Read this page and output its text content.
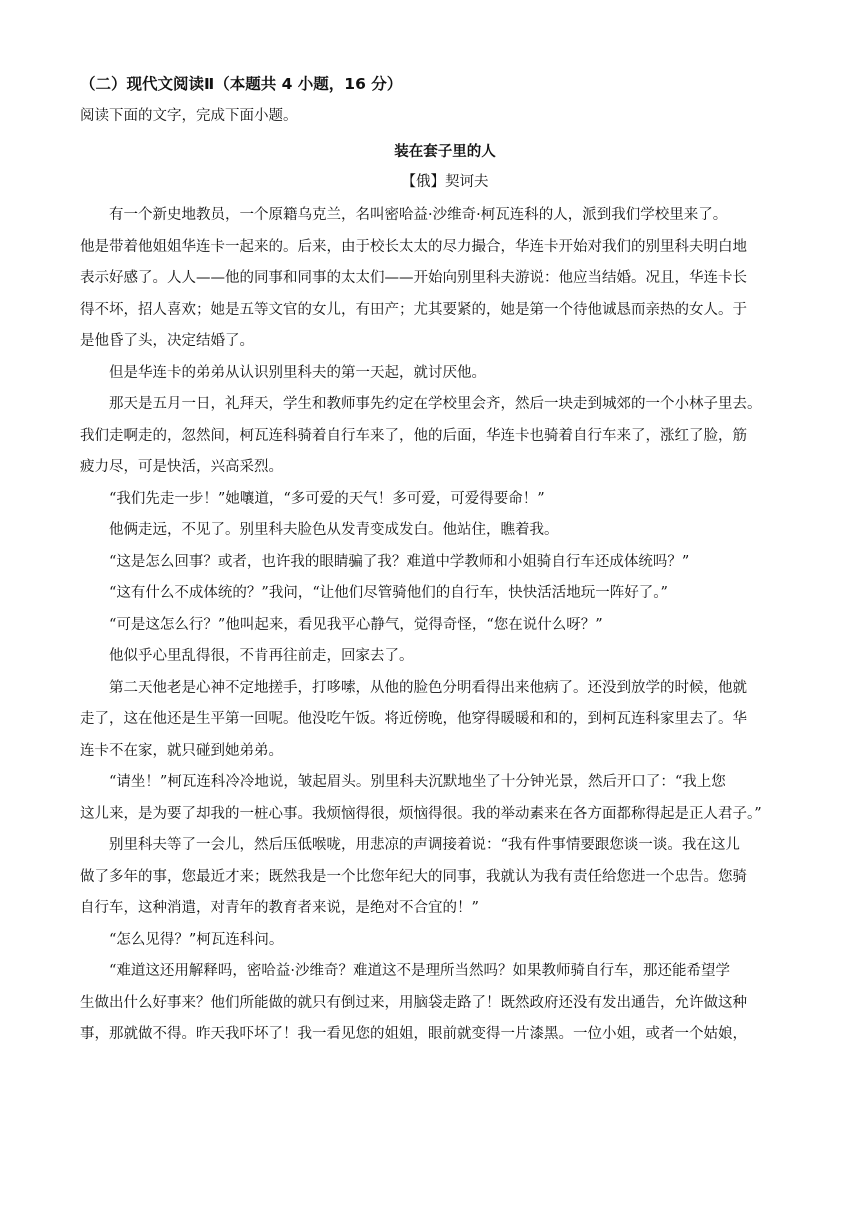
（二）现代文阅读Ⅱ（本题共 4 小题，16 分）
阅读下面的文字，完成下面小题。
装在套子里的人
【俄】契诃夫
有一个新史地教员，一个原籍乌克兰，名叫密哈益·沙维奇·柯瓦连科的人，派到我们学校里来了。
他是带着他姐姐华连卡一起来的。后来，由于校长太太的尽力撮合，华连卡开始对我们的别里科夫明白地
表示好感了。人人——他的同事和同事的太太们——开始向别里科夫游说：他应当结婚。况且，华连卡长
得不坏，招人喜欢；她是五等文官的女儿，有田产；尤其要紧的，她是第一个待他诚恳而亲热的女人。于
是他昏了头，决定结婚了。
但是华连卡的弟弟从认识别里科夫的第一天起，就讨厌他。
那天是五月一日，礼拜天，学生和教师事先约定在学校里会齐，然后一块走到城郊的一个小林子里去。
我们走啊走的，忽然间，柯瓦连科骑着自行车来了，他的后面，华连卡也骑着自行车来了，涨红了脸，筋
疲力尽，可是快活，兴高采烈。
“我们先走一步！”她嚷道，“多可爱的天气！多可爱，可爱得要命！”
他俩走远，不见了。别里科夫脸色从发青变成发白。他站住，瞧着我。
“这是怎么回事？或者，也许我的眼睛骗了我？难道中学教师和小姐骑自行车还成体统吗？”
“这有什么不成体统的？”我问，“让他们尽管骑他们的自行车，快快活活地玩一阵好了。”
“可是这怎么行？”他叫起来，看见我平心静气，觉得奇怪，“您在说什么呀？”
他似乎心里乱得很，不肯再往前走，回家去了。
第二天他老是心神不定地搓手，打哆嗦，从他的脸色分明看得出来他病了。还没到放学的时候，他就
走了，这在他还是生平第一回呢。他没吃午饭。将近傍晚，他穿得暖暖和和的，到柯瓦连科家里去了。华
连卡不在家，就只碰到她弟弟。
“请坐！”柯瓦连科冷冷地说，皱起眉头。别里科夫沉默地坐了十分钟光景，然后开口了：“我上您
这儿来，是为要了却我的一桩心事。我烦恼得很，烦恼得很。我的举动素来在各方面都称得起是正人君子。”
别里科夫等了一会儿，然后压低喉咙，用悲凉的声调接着说：“我有件事情要跟您谈一谈。我在这儿
做了多年的事，您最近才来；既然我是一个比您年纪大的同事，我就认为我有责任给您进一个忠告。您骑
自行车，这种消遣，对青年的教育者来说，是绝对不合宜的！”
“怎么见得？”柯瓦连科问。
“难道这还用解释吗，密哈益·沙维奇？难道这不是理所当然吗？如果教师骑自行车，那还能希望学
生做出什么好事来？他们所能做的就只有倒过来，用脑袋走路了！既然政府还没有发出通告，允许做这种
事，那就做不得。昨天我吓坏了！我一看见您的姐姐，眼前就变得一片漆黑。一位小姐，或者一个姑娘，
